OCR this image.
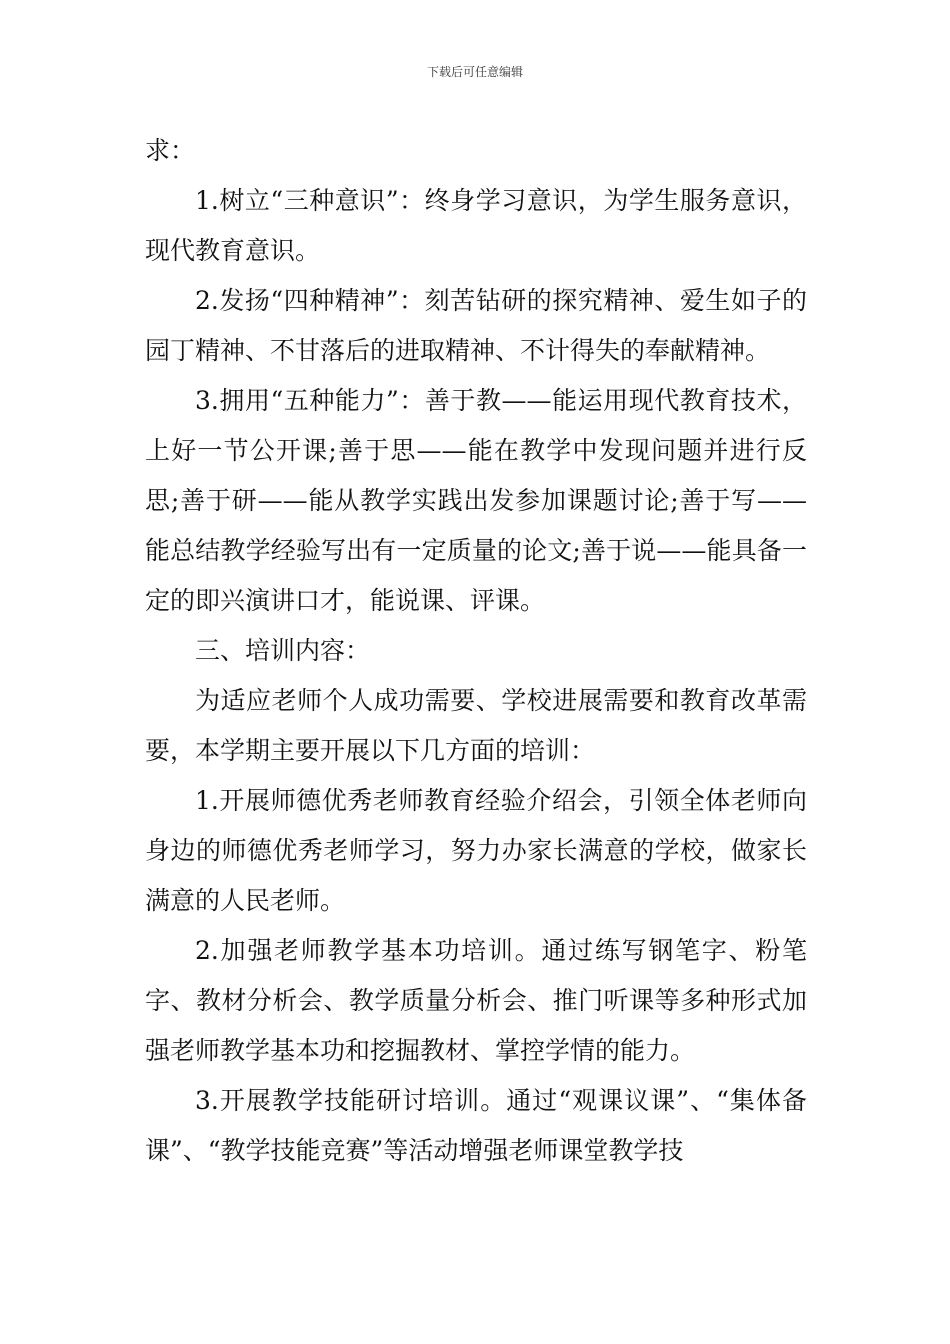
下载后可任意编辑

求：

1.树立“三种意识”：终身学习意识，为学生服务意识，现代教育意识。

2.发扬“四种精神”：刻苦钻研的探究精神、爱生如子的园丁精神、不甘落后的进取精神、不计得失的奉献精神。

3.拥用“五种能力”：善于教——能运用现代教育技术，上好一节公开课;善于思——能在教学中发现问题并进行反思;善于研——能从教学实践出发参加课题讨论;善于写——能总结教学经验写出有一定质量的论文;善于说——能具备一定的即兴演讲口才，能说课、评课。

三、培训内容：

为适应老师个人成功需要、学校进展需要和教育改革需要，本学期主要开展以下几方面的培训：

1.开展师德优秀老师教育经验介绍会，引领全体老师向身边的师德优秀老师学习，努力办家长满意的学校，做家长满意的人民老师。

2.加强老师教学基本功培训。通过练写钢笔字、粉笔字、教材分析会、教学质量分析会、推门听课等多种形式加强老师教学基本功和挖掘教材、掌控学情的能力。

3.开展教学技能研讨培训。通过“观课议课”、“集体备课”、“教学技能竞赛”等活动增强老师课堂教学技
